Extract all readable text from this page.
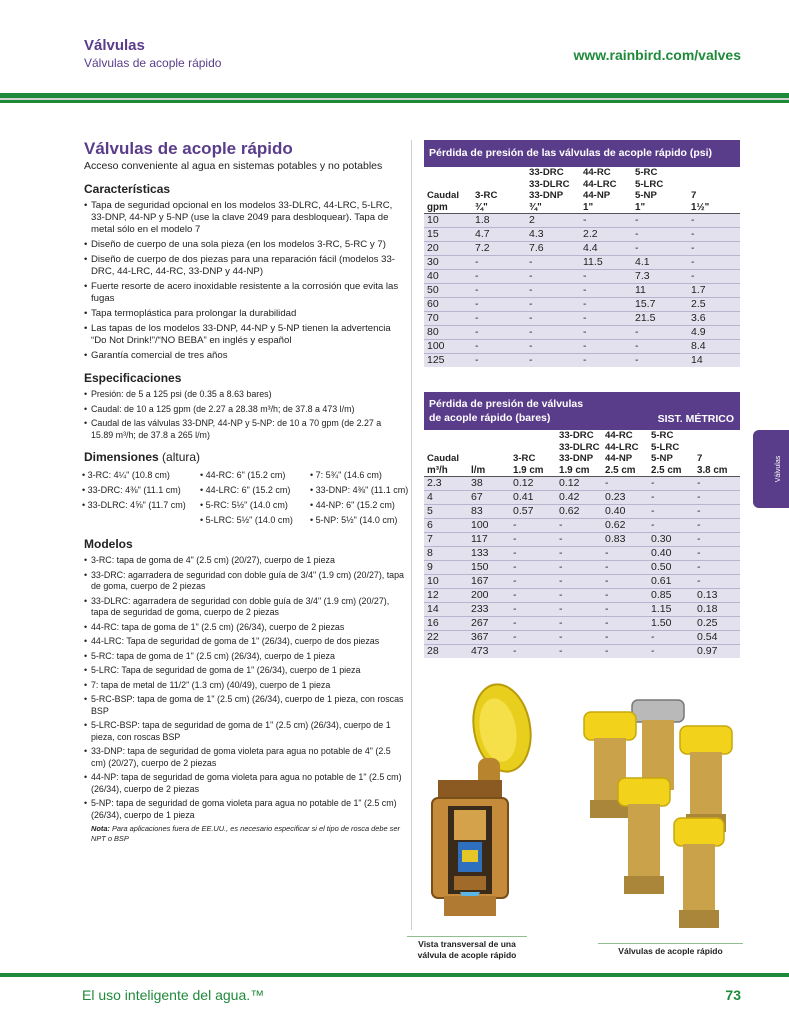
Válvulas
Válvulas de acople rápido	www.rainbird.com/valves
Válvulas de acople rápido

Acceso conveniente al agua en sistemas potables y no potables

Características
• Tapa de seguridad opcional en los modelos 33-DLRC, 44-LRC, 5-LRC, 33-DNP, 44-NP y 5-NP (use la clave 2049 para desbloquear). Tapa de metal sólo en el modelo 7
• Diseño de cuerpo de una sola pieza (en los modelos 3-RC, 5-RC y 7)
• Diseño de cuerpo de dos piezas para una reparación fácil (modelos 33-DRC, 44-LRC, 44-RC, 33-DNP y 44-NP)
• Fuerte resorte de acero inoxidable resistente a la corrosión que evita las fugas
• Tapa termoplástica para prolongar la durabilidad
• Las tapas de los modelos 33-DNP, 44-NP y 5-NP tienen la advertencia “Do Not Drink!”/“NO BEBA” en inglés y español
• Garantía comercial de tres años
Especificaciones
• Presión: de 5 a 125 psi (de 0.35 a 8.63 bares)
• Caudal: de 10 a 125 gpm (de 2.27 a 28.38 m³/h; de 37.8 a 473 l/m)
• Caudal de las válvulas 33-DNP, 44-NP y 5-NP: de 10 a 70 gpm (de 2.27 a 15.89 m³/h; de 37.8 a 265 l/m)
Dimensiones (altura)
• 3-RC: 4¼" (10.8 cm)	• 44-RC: 6" (15.2 cm)	• 7: 5¾" (14.6 cm)
• 33-DRC: 4⅜" (11.1 cm)	• 44-LRC: 6" (15.2 cm)	• 33-DNP: 4⅜" (11.1 cm)
• 33-DLRC: 4⅝" (11.7 cm)	• 5-RC: 5½" (14.0 cm)	• 44-NP: 6" (15.2 cm)
• 5-LRC: 5½" (14.0 cm)	• 5-NP: 5½" (14.0 cm)
Modelos
• 3-RC: tapa de goma de 4" (2.5 cm) (20/27), cuerpo de 1 pieza
• 33-DRC: agarradera de seguridad con doble guía de 3/4" (1.9 cm) (20/27), tapa de goma, cuerpo de 2 piezas
• 33-DLRC: agarradera de seguridad con doble guía de 3/4" (1.9 cm) (20/27), tapa de seguridad de goma, cuerpo de 2 piezas
• 44-RC: tapa de goma de 1" (2.5 cm) (26/34), cuerpo de 2 piezas
• 44-LRC: Tapa de seguridad de goma de 1" (26/34), cuerpo de dos piezas
• 5-RC: tapa de goma de 1" (2.5 cm) (26/34), cuerpo de 1 pieza
• 5-LRC: Tapa de seguridad de goma de 1" (26/34), cuerpo de 1 pieza
• 7: tapa de metal de 11/2" (1.3 cm) (40/49), cuerpo de 1 pieza
• 5-RC-BSP: tapa de goma de 1" (2.5 cm) (26/34), cuerpo de 1 pieza, con roscas BSP
• 5-LRC-BSP: tapa de seguridad de goma de 1" (2.5 cm) (26/34), cuerpo de 1 pieza, con roscas BSP
• 33-DNP: tapa de seguridad de goma violeta para agua no potable de 4" (2.5 cm) (20/27), cuerpo de 2 piezas
• 44-NP: tapa de seguridad de goma violeta para agua no potable de 1" (2.5 cm) (26/34), cuerpo de 2 piezas
• 5-NP: tapa de seguridad de goma violeta para agua no potable de 1" (2.5 cm) (26/34), cuerpo de 1 pieza
Nota: Para aplicaciones fuera de EE.UU., es necesario especificar si el tipo de rosca debe ser NPT o BSP
Pérdida de presión de las válvulas de acople rápido (psi)
Caudal	3-RC	33-DRC
33-DLRC
33-DNP	44-RC
44-LRC
44-NP	5-RC
5-LRC
5-NP	7
gpm	¾"	¾"	1"	1"	1½"
10	1.8	2	-	-	-
15	4.7	4.3	2.2	-	-
20	7.2	7.6	4.4	-	-
30	-	-	11.5	4.1	-
40	-	-	-	7.3	-
50	-	-	-	11	1.7
60	-	-	-	15.7	2.5
70	-	-	-	21.5	3.6
80	-	-	-	-	4.9
100	-	-	-	-	8.4
125	-	-	-	-	14
Pérdida de presión de válvulas
de acople rápido (bares)	SIST. MÉTRICO
Caudal		3-RC	33-DRC
33-DLRC
33-DNP	44-RC
44-LRC
44-NP	5-RC
5-LRC
5-NP	7
m³/h	l/m	1.9 cm	1.9 cm	2.5 cm	2.5 cm	3.8 cm
2.3	38	0.12	0.12	-	-	-
4	67	0.41	0.42	0.23	-	-
5	83	0.57	0.62	0.40	-	-
6	100	-	-	0.62	-	-
7	117	-	-	0.83	0.30	-
8	133	-	-	-	0.40	-
9	150	-	-	-	0.50	-
10	167	-	-	-	0.61	-
12	200	-	-	-	0.85	0.13
14	233	-	-	-	1.15	0.18
16	267	-	-	-	1.50	0.25
22	367	-	-	-	-	0.54
28	473	-	-	-	-	0.97
Válvulas
Vista transversal de una
válvula de acople rápido	Válvulas de acople rápido
El uso inteligente del agua.™	73
